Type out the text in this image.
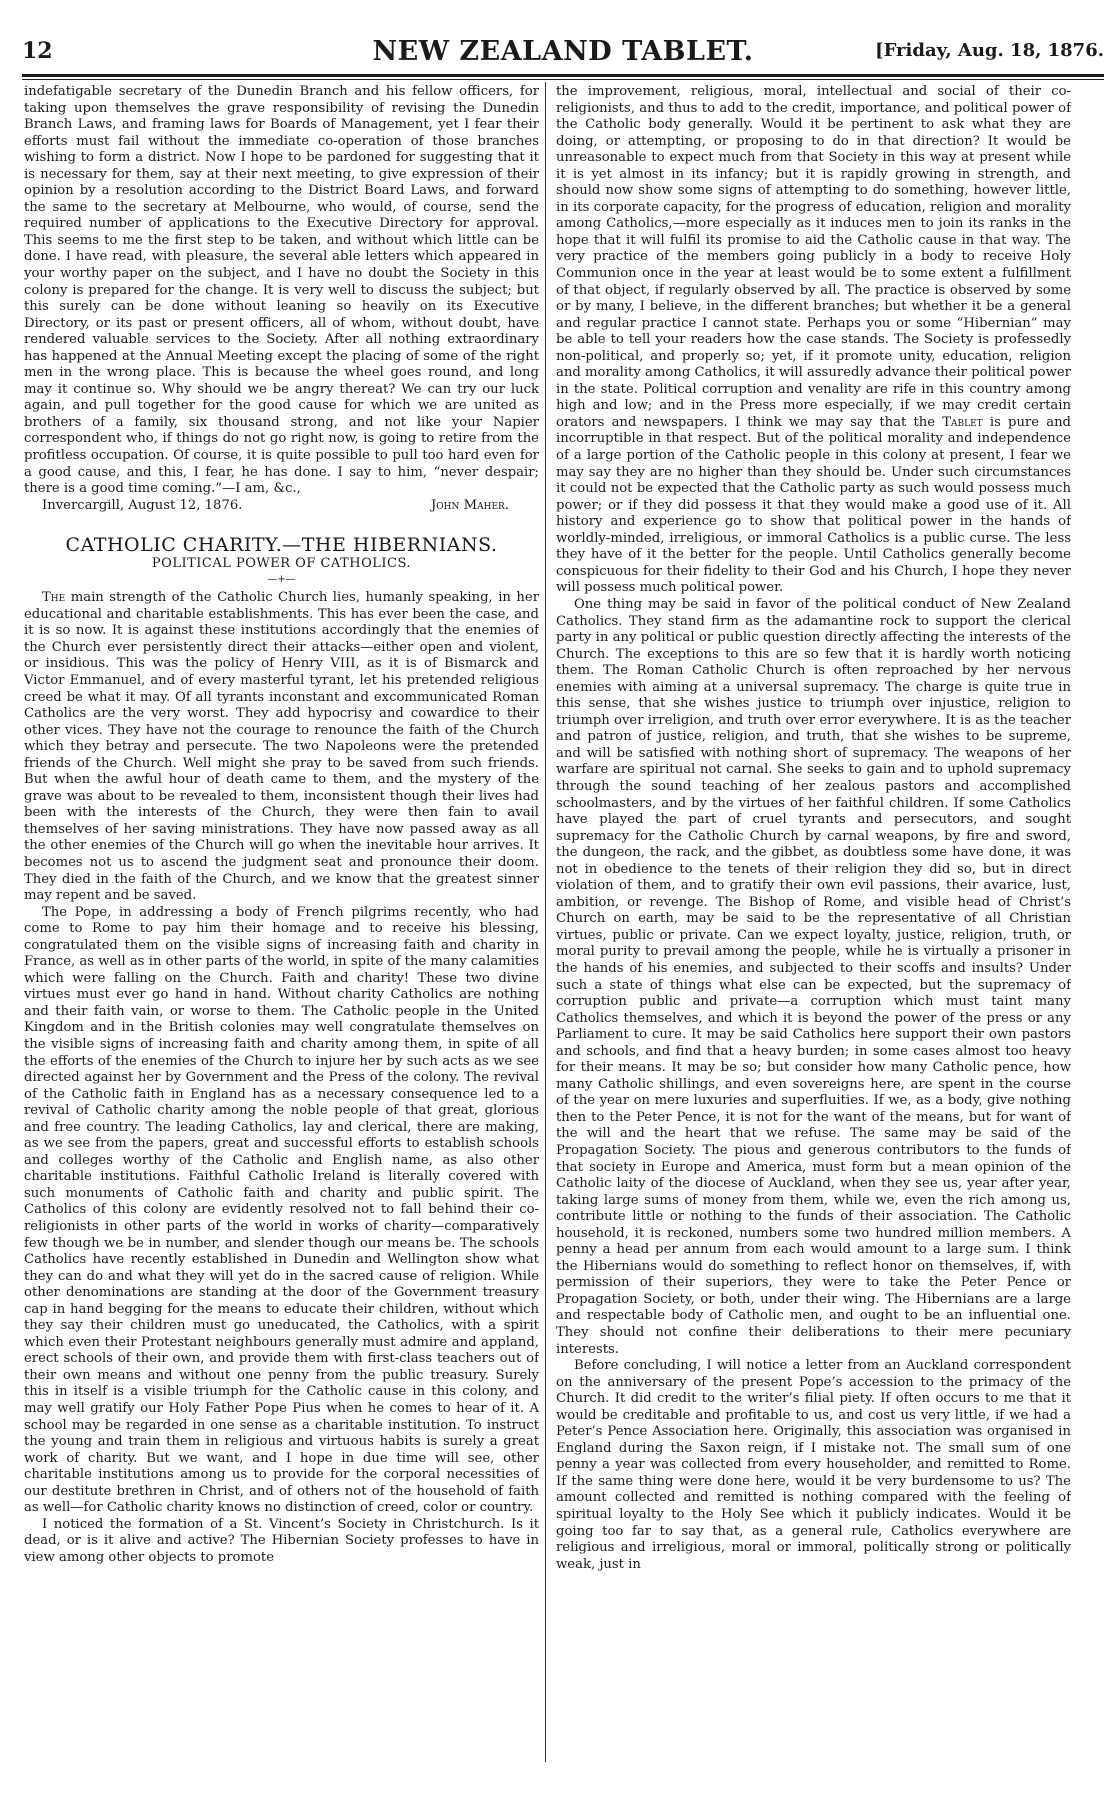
12	NEW ZEALAND TABLET.	[Friday, Aug. 18, 1876.

indefatigable secretary of the Dunedin Branch and his fellow officers, for taking upon themselves the grave responsibility of revising the Dunedin Branch Laws, and framing laws for Boards of Management, yet I fear their efforts must fail without the immediate co-operation of those branches wishing to form a district. Now I hope to be pardoned for suggesting that it is necessary for them, say at their next meeting, to give expression of their opinion by a resolution according to the District Board Laws, and forward the same to the secretary at Melbourne, who would, of course, send the required number of applications to the Executive Directory for approval. This seems to me the first step to be taken, and without which little can be done. I have read, with pleasure, the several able letters which appeared in your worthy paper on the subject, and I have no doubt the Society in this colony is prepared for the change. It is very well to discuss the subject; but this surely can be done without leaning so heavily on its Executive Directory, or its past or present officers, all of whom, without doubt, have rendered valuable services to the Society. After all nothing extraordinary has happened at the Annual Meeting except the placing of some of the right men in the wrong place. This is because the wheel goes round, and long may it continue so. Why should we be angry thereat? We can try our luck again, and pull together for the good cause for which we are united as brothers of a family, six thousand strong, and not like your Napier correspondent who, if things do not go right now, is going to retire from the profitless occupation. Of course, it is quite possible to pull too hard even for a good cause, and this, I fear, he has done. I say to him, “never despair; there is a good time coming.”—I am, &c.,

Invercargill, August 12, 1876.	John Maher.
CATHOLIC CHARITY.—THE HIBERNIANS.
POLITICAL POWER OF CATHOLICS.
—+—

The main strength of the Catholic Church lies, humanly speaking, in her educational and charitable establishments. This has ever been the case, and it is so now. It is against these institutions accordingly that the enemies of the Church ever persistently direct their attacks—either open and violent, or insidious. This was the policy of Henry VIII, as it is of Bismarck and Victor Emmanuel, and of every masterful tyrant, let his pretended religious creed be what it may. Of all tyrants inconstant and excommunicated Roman Catholics are the very worst. They add hypocrisy and cowardice to their other vices. They have not the courage to renounce the faith of the Church which they betray and persecute. The two Napoleons were the pretended friends of the Church. Well might she pray to be saved from such friends. But when the awful hour of death came to them, and the mystery of the grave was about to be revealed to them, inconsistent though their lives had been with the interests of the Church, they were then fain to avail themselves of her saving ministrations. They have now passed away as all the other enemies of the Church will go when the inevitable hour arrives. It becomes not us to ascend the judgment seat and pronounce their doom. They died in the faith of the Church, and we know that the greatest sinner may repent and be saved.

The Pope, in addressing a body of French pilgrims recently, who had come to Rome to pay him their homage and to receive his blessing, congratulated them on the visible signs of increasing faith and charity in France, as well as in other parts of the world, in spite of the many calamities which were falling on the Church. Faith and charity! These two divine virtues must ever go hand in hand. Without charity Catholics are nothing and their faith vain, or worse to them. The Catholic people in the United Kingdom and in the British colonies may well congratulate themselves on the visible signs of increasing faith and charity among them, in spite of all the efforts of the enemies of the Church to injure her by such acts as we see directed against her by Government and the Press of the colony. The revival of the Catholic faith in England has as a necessary consequence led to a revival of Catholic charity among the noble people of that great, glorious and free country. The leading Catholics, lay and clerical, there are making, as we see from the papers, great and successful efforts to establish schools and colleges worthy of the Catholic and English name, as also other charitable institutions. Faithful Catholic Ireland is literally covered with such monuments of Catholic faith and charity and public spirit. The Catholics of this colony are evidently resolved not to fall behind their co-religionists in other parts of the world in works of charity—comparatively few though we be in number, and slender though our means be. The schools Catholics have recently established in Dunedin and Wellington show what they can do and what they will yet do in the sacred cause of religion. While other denominations are standing at the door of the Government treasury cap in hand begging for the means to educate their children, without which they say their children must go uneducated, the Catholics, with a spirit which even their Protestant neighbours generally must admire and appland, erect schools of their own, and provide them with first-class teachers out of their own means and without one penny from the public treasury. Surely this in itself is a visible triumph for the Catholic cause in this colony, and may well gratify our Holy Father Pope Pius when he comes to hear of it. A school may be regarded in one sense as a charitable institution. To instruct the young and train them in religious and virtuous habits is surely a great work of charity. But we want, and I hope in due time will see, other charitable institutions among us to provide for the corporal necessities of our destitute brethren in Christ, and of others not of the household of faith as well—for Catholic charity knows no distinction of creed, color or country.

I noticed the formation of a St. Vincent’s Society in Christchurch. Is it dead, or is it alive and active? The Hibernian Society professes to have in view among other objects to promote

the improvement, religious, moral, intellectual and social of their co-religionists, and thus to add to the credit, importance, and political power of the Catholic body generally. Would it be pertinent to ask what they are doing, or attempting, or proposing to do in that direction? It would be unreasonable to expect much from that Society in this way at present while it is yet almost in its infancy; but it is rapidly growing in strength, and should now show some signs of attempting to do something, however little, in its corporate capacity, for the progress of education, religion and morality among Catholics,—more especially as it induces men to join its ranks in the hope that it will fulfil its promise to aid the Catholic cause in that way. The very practice of the members going publicly in a body to receive Holy Communion once in the year at least would be to some extent a fulfillment of that object, if regularly observed by all. The practice is observed by some or by many, I believe, in the different branches; but whether it be a general and regular practice I cannot state. Perhaps you or some “Hibernian” may be able to tell your readers how the case stands. The Society is professedly non-political, and properly so; yet, if it promote unity, education, religion and morality among Catholics, it will assuredly advance their political power in the state. Political corruption and venality are rife in this country among high and low; and in the Press more especially, if we may credit certain orators and newspapers. I think we may say that the Tablet is pure and incorruptible in that respect. But of the political morality and independence of a large portion of the Catholic people in this colony at present, I fear we may say they are no higher than they should be. Under such circumstances it could not be expected that the Catholic party as such would possess much power; or if they did possess it that they would make a good use of it. All history and experience go to show that political power in the hands of worldly-minded, irreligious, or immoral Catholics is a public curse. The less they have of it the better for the people. Until Catholics generally become conspicuous for their fidelity to their God and his Church, I hope they never will possess much political power.

One thing may be said in favor of the political conduct of New Zealand Catholics. They stand firm as the adamantine rock to support the clerical party in any political or public question directly affecting the interests of the Church. The exceptions to this are so few that it is hardly worth noticing them. The Roman Catholic Church is often reproached by her nervous enemies with aiming at a universal supremacy. The charge is quite true in this sense, that she wishes justice to triumph over injustice, religion to triumph over irreligion, and truth over error everywhere. It is as the teacher and patron of justice, religion, and truth, that she wishes to be supreme, and will be satisfied with nothing short of supremacy. The weapons of her warfare are spiritual not carnal. She seeks to gain and to uphold supremacy through the sound teaching of her zealous pastors and accomplished schoolmasters, and by the virtues of her faithful children. If some Catholics have played the part of cruel tyrants and persecutors, and sought supremacy for the Catholic Church by carnal weapons, by fire and sword, the dungeon, the rack, and the gibbet, as doubtless some have done, it was not in obedience to the tenets of their religion they did so, but in direct violation of them, and to gratify their own evil passions, their avarice, lust, ambition, or revenge. The Bishop of Rome, and visible head of Christ’s Church on earth, may be said to be the representative of all Christian virtues, public or private. Can we expect loyalty, justice, religion, truth, or moral purity to prevail among the people, while he is virtually a prisoner in the hands of his enemies, and subjected to their scoffs and insults? Under such a state of things what else can be expected, but the supremacy of corruption public and private—a corruption which must taint many Catholics themselves, and which it is beyond the power of the press or any Parliament to cure. It may be said Catholics here support their own pastors and schools, and find that a heavy burden; in some cases almost too heavy for their means. It may be so; but consider how many Catholic pence, how many Catholic shillings, and even sovereigns here, are spent in the course of the year on mere luxuries and superfluities. If we, as a body, give nothing then to the Peter Pence, it is not for the want of the means, but for want of the will and the heart that we refuse. The same may be said of the Propagation Society. The pious and generous contributors to the funds of that society in Europe and America, must form but a mean opinion of the Catholic laity of the diocese of Auckland, when they see us, year after year, taking large sums of money from them, while we, even the rich among us, contribute little or nothing to the funds of their association. The Catholic household, it is reckoned, numbers some two hundred million members. A penny a head per annum from each would amount to a large sum. I think the Hibernians would do something to reflect honor on themselves, if, with permission of their superiors, they were to take the Peter Pence or Propagation Society, or both, under their wing. The Hibernians are a large and respectable body of Catholic men, and ought to be an influential one. They should not confine their deliberations to their mere pecuniary interests.

Before concluding, I will notice a letter from an Auckland correspondent on the anniversary of the present Pope’s accession to the primacy of the Church. It did credit to the writer’s filial piety. If often occurs to me that it would be creditable and profitable to us, and cost us very little, if we had a Peter’s Pence Association here. Originally, this association was organised in England during the Saxon reign, if I mistake not. The small sum of one penny a year was collected from every householder, and remitted to Rome. If the same thing were done here, would it be very burdensome to us? The amount collected and remitted is nothing compared with the feeling of spiritual loyalty to the Holy See which it publicly indicates. Would it be going too far to say that, as a general rule, Catholics everywhere are religious and irreligious, moral or immoral, politically strong or politically weak, just in
